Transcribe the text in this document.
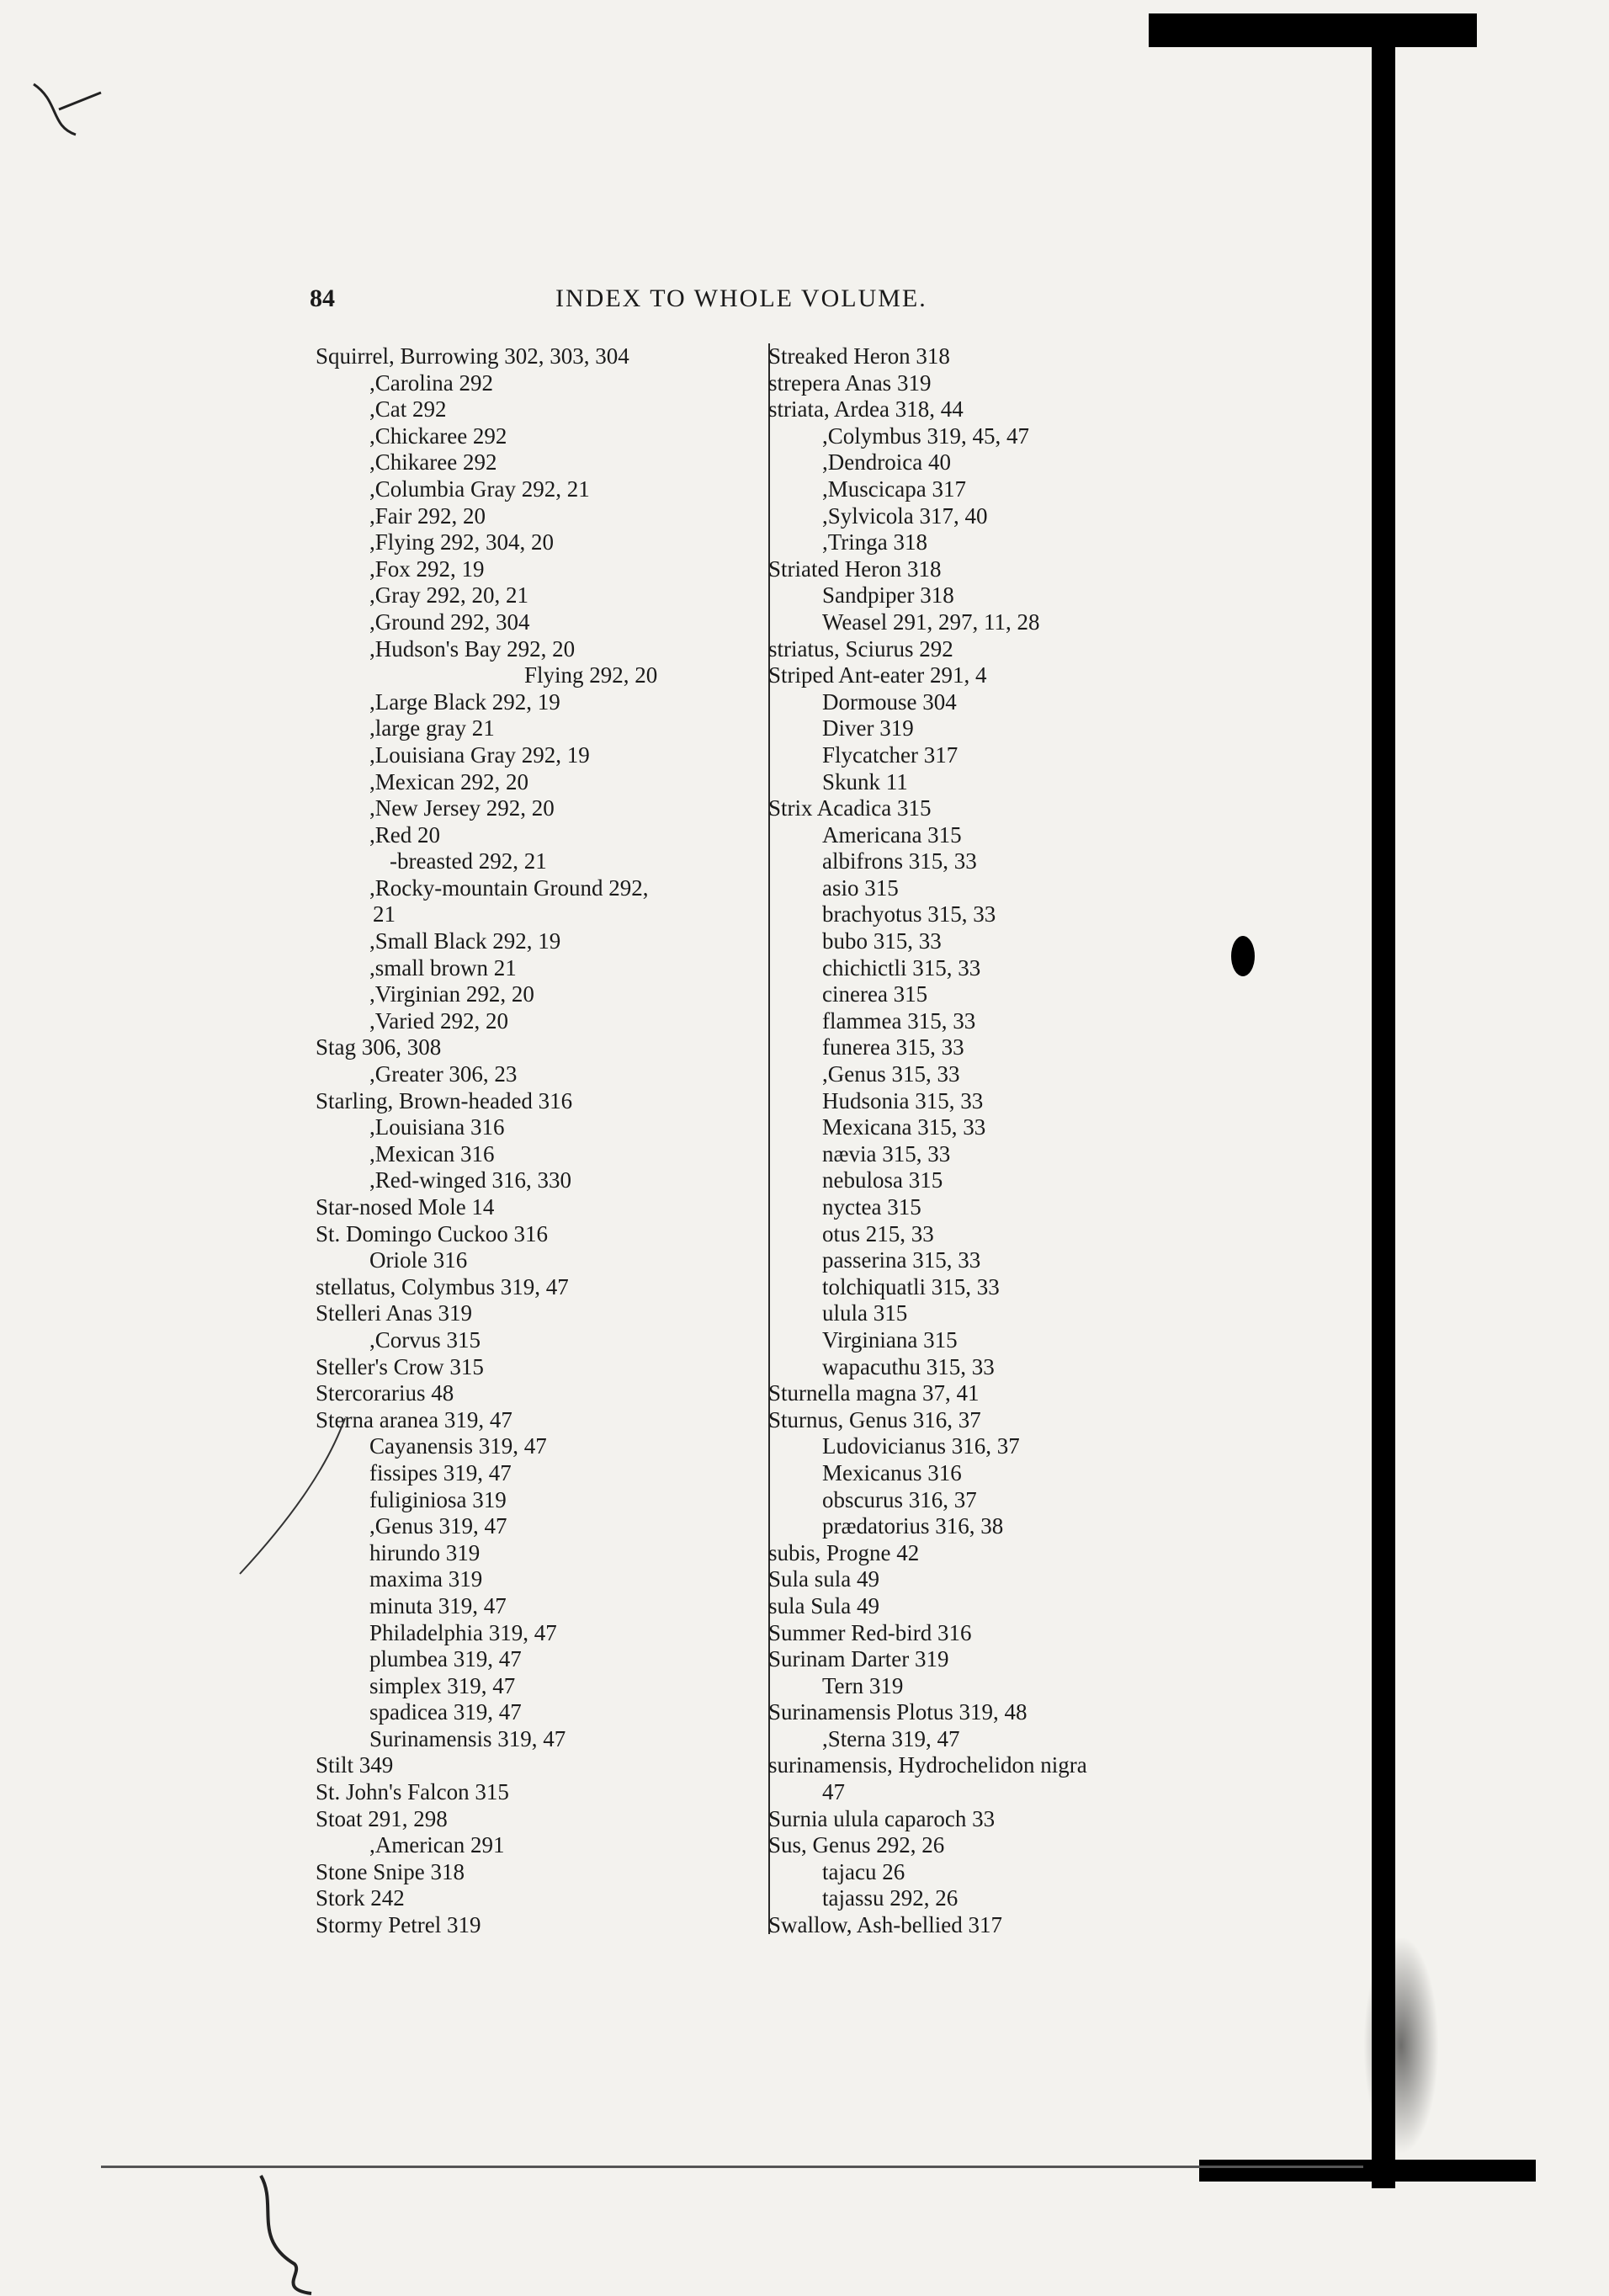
84	INDEX TO WHOLE VOLUME.
Squirrel, Burrowing 302, 303, 304
,Carolina 292
,Cat 292
,Chickaree 292
,Chikaree 292
,Columbia Gray 292, 21
,Fair 292, 20
,Flying 292, 304, 20
,Fox 292, 19
,Gray 292, 20, 21
,Ground 292, 304
,Hudson's Bay 292, 20
Flying 292, 20
,Large Black 292, 19
,large gray 21
,Louisiana Gray 292, 19
,Mexican 292, 20
,New Jersey 292, 20
,Red 20
-breasted 292, 21
,Rocky-mountain Ground 292,
21
,Small Black 292, 19
,small brown 21
,Virginian 292, 20
,Varied 292, 20
Stag 306, 308
,Greater 306, 23
Starling, Brown-headed 316
,Louisiana 316
,Mexican 316
,Red-winged 316, 330
Star-nosed Mole 14
St. Domingo Cuckoo 316
Oriole 316
stellatus, Colymbus 319, 47
Stelleri Anas 319
,Corvus 315
Steller's Crow 315
Stercorarius 48
Sterna aranea 319, 47
Cayanensis 319, 47
fissipes 319, 47
fuliginiosa 319
,Genus 319, 47
hirundo 319
maxima 319
minuta 319, 47
Philadelphia 319, 47
plumbea 319, 47
simplex 319, 47
spadicea 319, 47
Surinamensis 319, 47
Stilt 349
St. John's Falcon 315
Stoat 291, 298
,American 291
Stone Snipe 318
Stork 242
Stormy Petrel 319
Streaked Heron 318
strepera Anas 319
striata, Ardea 318, 44
,Colymbus 319, 45, 47
,Dendroica 40
,Muscicapa 317
,Sylvicola 317, 40
,Tringa 318
Striated Heron 318
Sandpiper 318
Weasel 291, 297, 11, 28
striatus, Sciurus 292
Striped Ant-eater 291, 4
Dormouse 304
Diver 319
Flycatcher 317
Skunk 11
Strix Acadica 315
Americana 315
albifrons 315, 33
asio 315
brachyotus 315, 33
bubo 315, 33
chichictli 315, 33
cinerea 315
flammea 315, 33
funerea 315, 33
,Genus 315, 33
Hudsonia 315, 33
Mexicana 315, 33
nævia 315, 33
nebulosa 315
nyctea 315
otus 215, 33
passerina 315, 33
tolchiquatli 315, 33
ulula 315
Virginiana 315
wapacuthu 315, 33
Sturnella magna 37, 41
Sturnus, Genus 316, 37
Ludovicianus 316, 37
Mexicanus 316
obscurus 316, 37
prædatorius 316, 38
subis, Progne 42
Sula sula 49
sula Sula 49
Summer Red-bird 316
Surinam Darter 319
Tern 319
Surinamensis Plotus 319, 48
,Sterna 319, 47
surinamensis, Hydrochelidon nigra
47
Surnia ulula caparoch 33
Sus, Genus 292, 26
tajacu 26
tajassu 292, 26
Swallow, Ash-bellied 317
